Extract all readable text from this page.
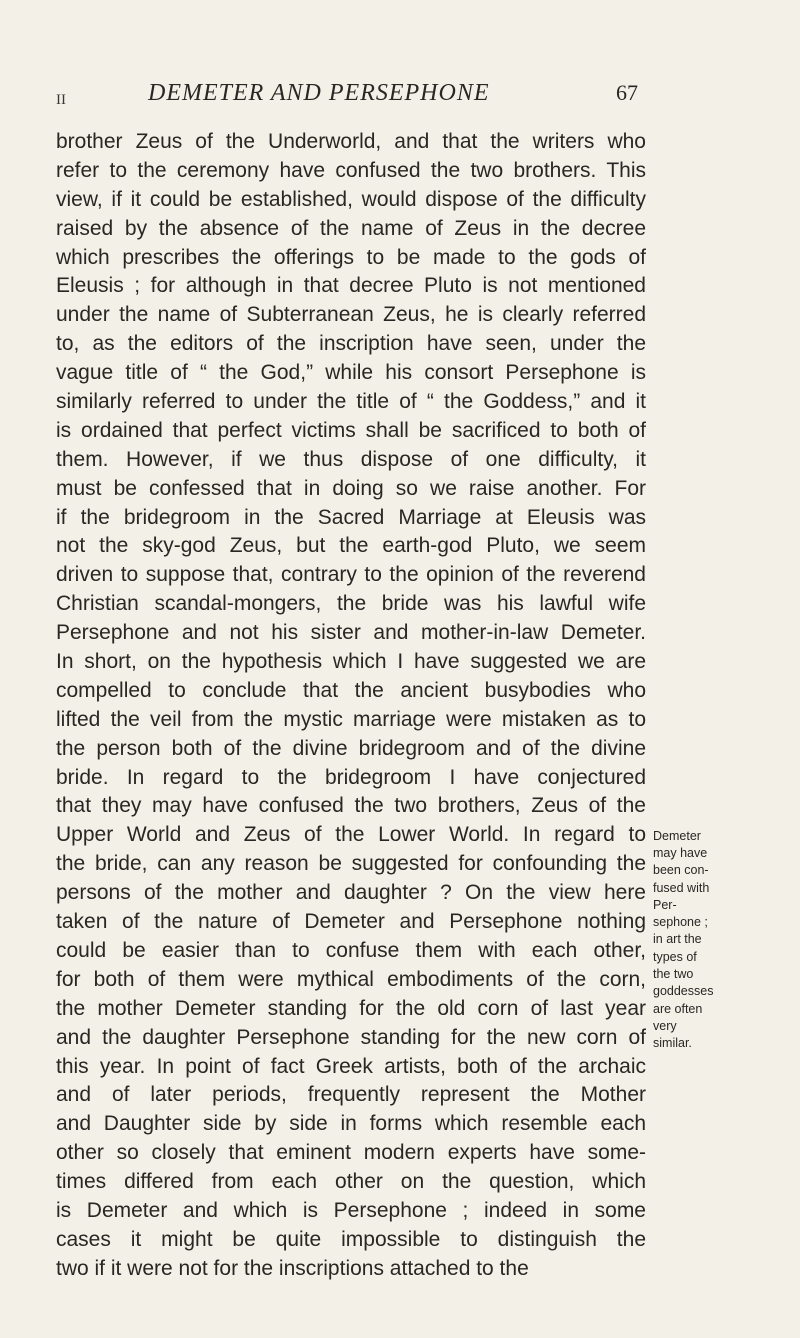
II	DEMETER AND PERSEPHONE	67
brother Zeus of the Underworld, and that the writers who
refer to the ceremony have confused the two brothers. This
view, if it could be established, would dispose of the difficulty
raised by the absence of the name of Zeus in the decree
which prescribes the offerings to be made to the gods of
Eleusis ; for although in that decree Pluto is not mentioned
under the name of Subterranean Zeus, he is clearly referred
to, as the editors of the inscription have seen, under the
vague title of “ the God,” while his consort Persephone is
similarly referred to under the title of “ the Goddess,” and it
is ordained that perfect victims shall be sacrificed to both of
them. However, if we thus dispose of one difficulty, it
must be confessed that in doing so we raise another. For
if the bridegroom in the Sacred Marriage at Eleusis was
not the sky-god Zeus, but the earth-god Pluto, we seem
driven to suppose that, contrary to the opinion of the reverend
Christian scandal-mongers, the bride was his lawful wife
Persephone and not his sister and mother-in-law Demeter.
In short, on the hypothesis which I have suggested we are
compelled to conclude that the ancient busybodies who
lifted the veil from the mystic marriage were mistaken as to
the person both of the divine bridegroom and of the divine
bride. In regard to the bridegroom I have conjectured
that they may have confused the two brothers, Zeus of the
Upper World and Zeus of the Lower World. In regard to
the bride, can any reason be suggested for confounding the
persons of the mother and daughter ? On the view here
taken of the nature of Demeter and Persephone nothing
could be easier than to confuse them with each other,
for both of them were mythical embodiments of the corn,
the mother Demeter standing for the old corn of last year
and the daughter Persephone standing for the new corn of
this year. In point of fact Greek artists, both of the archaic
and of later periods, frequently represent the Mother
and Daughter side by side in forms which resemble each
other so closely that eminent modern experts have some-
times differed from each other on the question, which
is Demeter and which is Persephone ; indeed in some
cases it might be quite impossible to distinguish the
two if it were not for the inscriptions attached to the
Demeter
may have
been con-
fused with
Per-
sephone ;
in art the
types of
the two
goddesses
are often
very
similar.
